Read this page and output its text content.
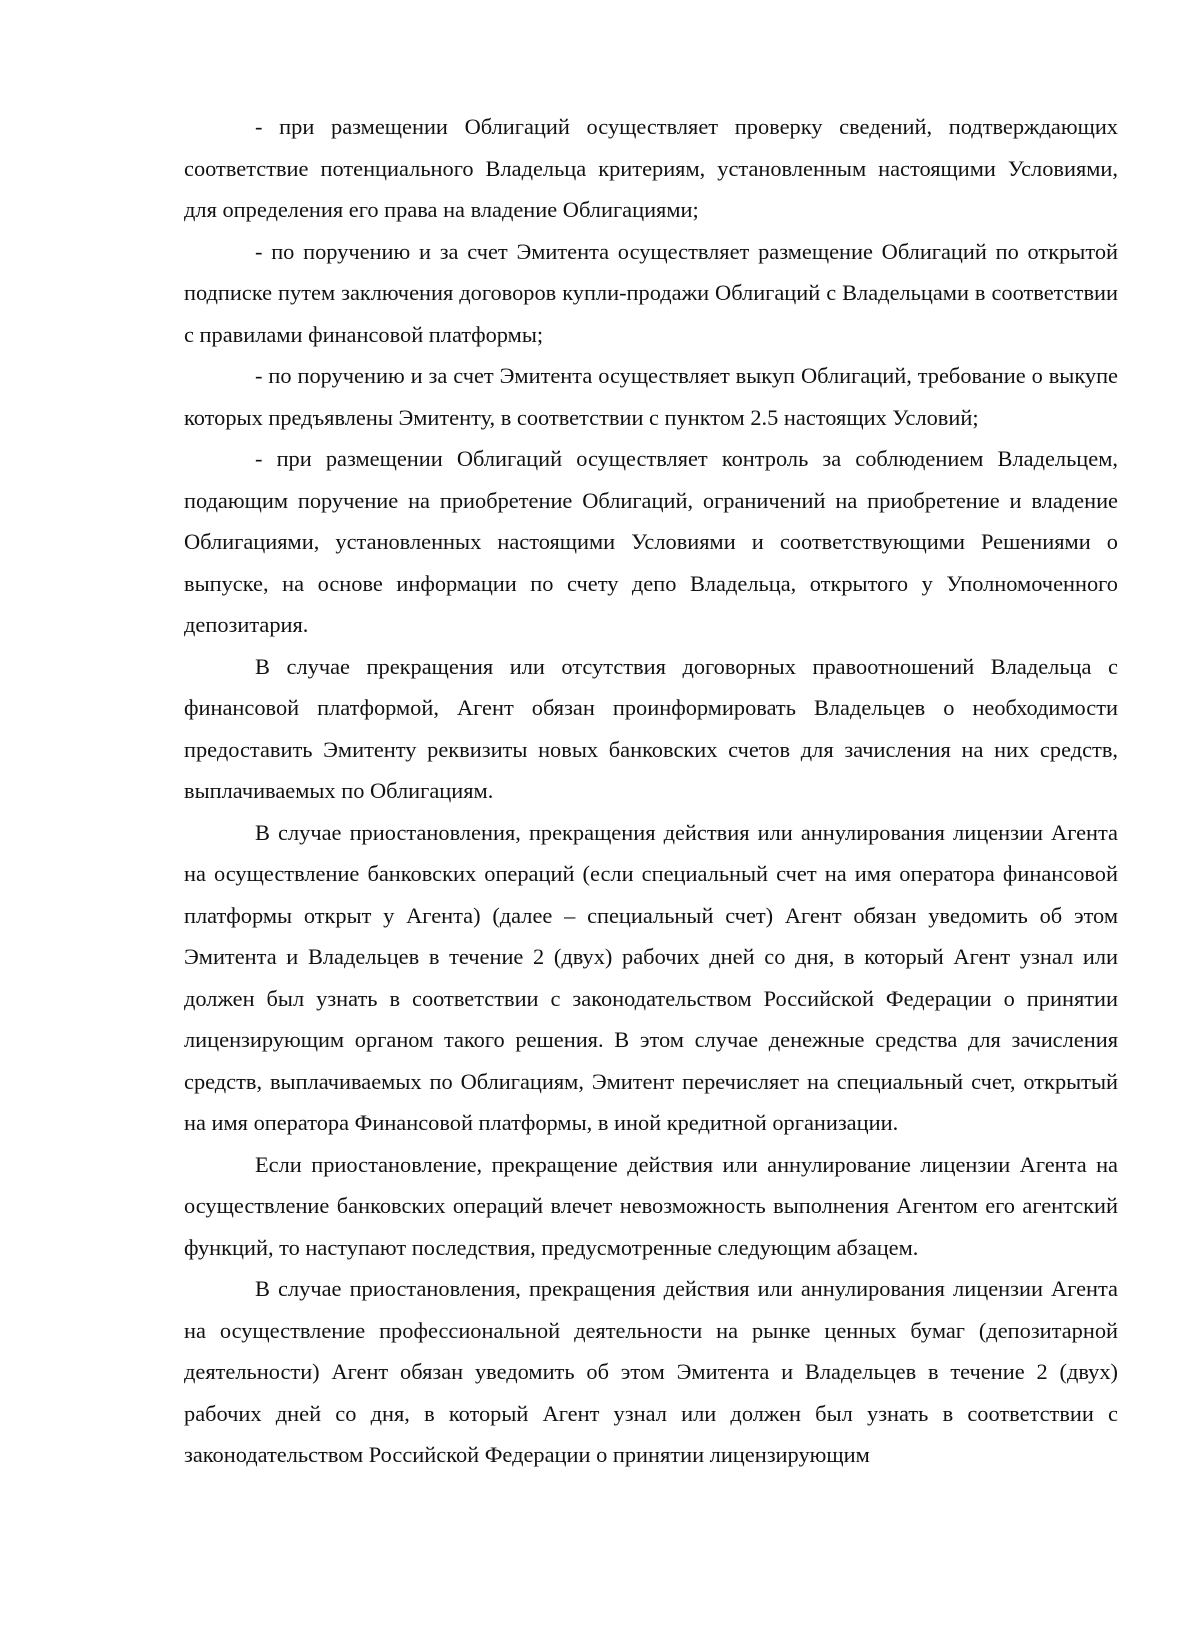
- при размещении Облигаций осуществляет проверку сведений, подтверждающих соответствие потенциального Владельца критериям, установленным настоящими Условиями, для определения его права на владение Облигациями;

- по поручению и за счет Эмитента осуществляет размещение Облигаций по открытой подписке путем заключения договоров купли-продажи Облигаций с Владельцами в соответствии с правилами финансовой платформы;

- по поручению и за счет Эмитента осуществляет выкуп Облигаций, требование о выкупе которых предъявлены Эмитенту, в соответствии с пунктом 2.5 настоящих Условий;

- при размещении Облигаций осуществляет контроль за соблюдением Владельцем, подающим поручение на приобретение Облигаций, ограничений на приобретение и владение Облигациями, установленных настоящими Условиями и соответствующими Решениями о выпуске, на основе информации по счету депо Владельца, открытого у Уполномоченного депозитария.

В случае прекращения или отсутствия договорных правоотношений Владельца с финансовой платформой, Агент обязан проинформировать Владельцев о необходимости предоставить Эмитенту реквизиты новых банковских счетов для зачисления на них средств, выплачиваемых по Облигациям.

В случае приостановления, прекращения действия или аннулирования лицензии Агента на осуществление банковских операций (если специальный счет на имя оператора финансовой платформы открыт у Агента) (далее – специальный счет) Агент обязан уведомить об этом Эмитента и Владельцев в течение 2 (двух) рабочих дней со дня, в который Агент узнал или должен был узнать в соответствии с законодательством Российской Федерации о принятии лицензирующим органом такого решения. В этом случае денежные средства для зачисления средств, выплачиваемых по Облигациям, Эмитент перечисляет на специальный счет, открытый на имя оператора Финансовой платформы, в иной кредитной организации.

Если приостановление, прекращение действия или аннулирование лицензии Агента на осуществление банковских операций влечет невозможность выполнения Агентом его агентский функций, то наступают последствия, предусмотренные следующим абзацем.

В случае приостановления, прекращения действия или аннулирования лицензии Агента на осуществление профессиональной деятельности на рынке ценных бумаг (депозитарной деятельности) Агент обязан уведомить об этом Эмитента и Владельцев в течение 2 (двух) рабочих дней со дня, в который Агент узнал или должен был узнать в соответствии с законодательством Российской Федерации о принятии лицензирующим
